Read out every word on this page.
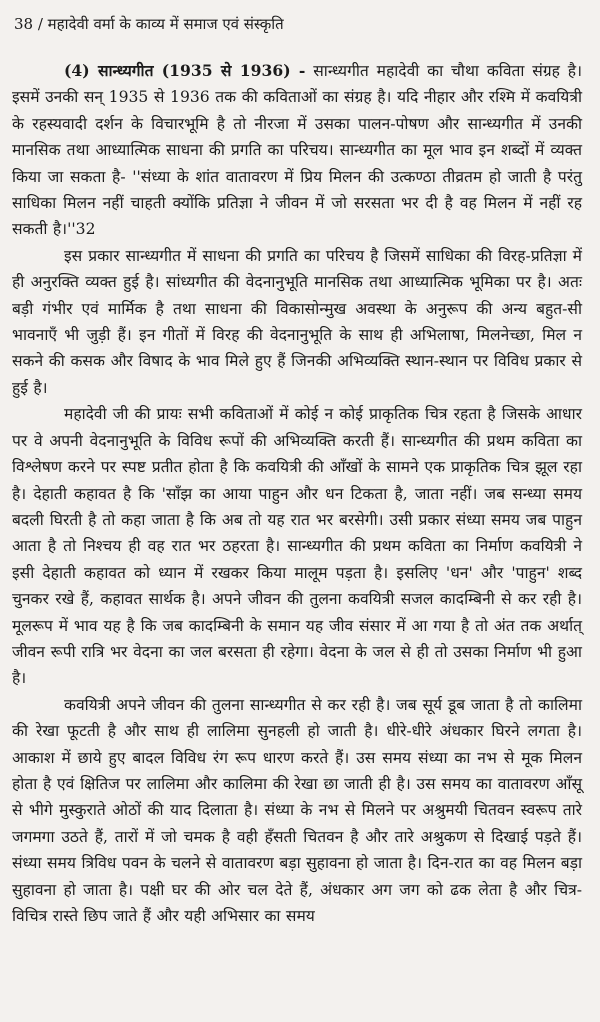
38 / महादेवी वर्मा के काव्य में समाज एवं संस्कृति

(4) सान्ध्यगीत (1935 से 1936) - सान्ध्यगीत महादेवी का चौथा कविता संग्रह है। इसमें उनकी सन् 1935 से 1936 तक की कविताओं का संग्रह है। यदि नीहार और रश्मि में कवयित्री के रहस्यवादी दर्शन के विचारभूमि है तो नीरजा में उसका पालन-पोषण और सान्ध्यगीत में उनकी मानसिक तथा आध्यात्मिक साधना की प्रगति का परिचय। सान्ध्यगीत का मूल भाव इन शब्दों में व्यक्त किया जा सकता है- ''संध्या के शांत वातावरण में प्रिय मिलन की उत्कण्ठा तीव्रतम हो जाती है परंतु साधिका मिलन नहीं चाहती क्योंकि प्रतिज्ञा ने जीवन में जो सरसता भर दी है वह मिलन में नहीं रह सकती है।''32

इस प्रकार सान्ध्यगीत में साधना की प्रगति का परिचय है जिसमें साधिका की विरह-प्रतिज्ञा में ही अनुरक्ति व्यक्त हुई है। सांध्यगीत की वेदनानुभूति मानसिक तथा आध्यात्मिक भूमिका पर है। अतः बड़ी गंभीर एवं मार्मिक है तथा साधना की विकासोन्मुख अवस्था के अनुरूप की अन्य बहुत-सी भावनाएँ भी जुड़ी हैं। इन गीतों में विरह की वेदनानुभूति के साथ ही अभिलाषा, मिलनेच्छा, मिल न सकने की कसक और विषाद के भाव मिले हुए हैं जिनकी अभिव्यक्ति स्थान-स्थान पर विविध प्रकार से हुई है।

महादेवी जी की प्रायः सभी कविताओं में कोई न कोई प्राकृतिक चित्र रहता है जिसके आधार पर वे अपनी वेदनानुभूति के विविध रूपों की अभिव्यक्ति करती हैं। सान्ध्यगीत की प्रथम कविता का विश्लेषण करने पर स्पष्ट प्रतीत होता है कि कवयित्री की आँखों के सामने एक प्राकृतिक चित्र झूल रहा है। देहाती कहावत है कि 'साँझ का आया पाहुन और धन टिकता है, जाता नहीं। जब सन्ध्या समय बदली घिरती है तो कहा जाता है कि अब तो यह रात भर बरसेगी। उसी प्रकार संध्या समय जब पाहुन आता है तो निश्चय ही वह रात भर ठहरता है। सान्ध्यगीत की प्रथम कविता का निर्माण कवयित्री ने इसी देहाती कहावत को ध्यान में रखकर किया मालूम पड़ता है। इसलिए 'धन' और 'पाहुन' शब्द चुनकर रखे हैं, कहावत सार्थक है। अपने जीवन की तुलना कवयित्री सजल कादम्बिनी से कर रही है। मूलरूप में भाव यह है कि जब कादम्बिनी के समान यह जीव संसार में आ गया है तो अंत तक अर्थात् जीवन रूपी रात्रि भर वेदना का जल बरसता ही रहेगा। वेदना के जल से ही तो उसका निर्माण भी हुआ है।

कवयित्री अपने जीवन की तुलना सान्ध्यगीत से कर रही है। जब सूर्य डूब जाता है तो कालिमा की रेखा फूटती है और साथ ही लालिमा सुनहली हो जाती है। धीरे-धीरे अंधकार घिरने लगता है। आकाश में छाये हुए बादल विविध रंग रूप धारण करते हैं। उस समय संध्या का नभ से मूक मिलन होता है एवं क्षितिज पर लालिमा और कालिमा की रेखा छा जाती ही है। उस समय का वातावरण आँसू से भीगे मुस्कुराते ओठों की याद दिलाता है। संध्या के नभ से मिलने पर अश्रुमयी चितवन स्वरूप तारे जगमगा उठते हैं, तारों में जो चमक है वही हँसती चितवन है और तारे अश्रुकण से दिखाई पड़ते हैं। संध्या समय त्रिविध पवन के चलने से वातावरण बड़ा सुहावना हो जाता है। दिन-रात का वह मिलन बड़ा सुहावना हो जाता है। पक्षी घर की ओर चल देते हैं, अंधकार अग जग को ढक लेता है और चित्र-विचित्र रास्ते छिप जाते हैं और यही अभिसार का समय
